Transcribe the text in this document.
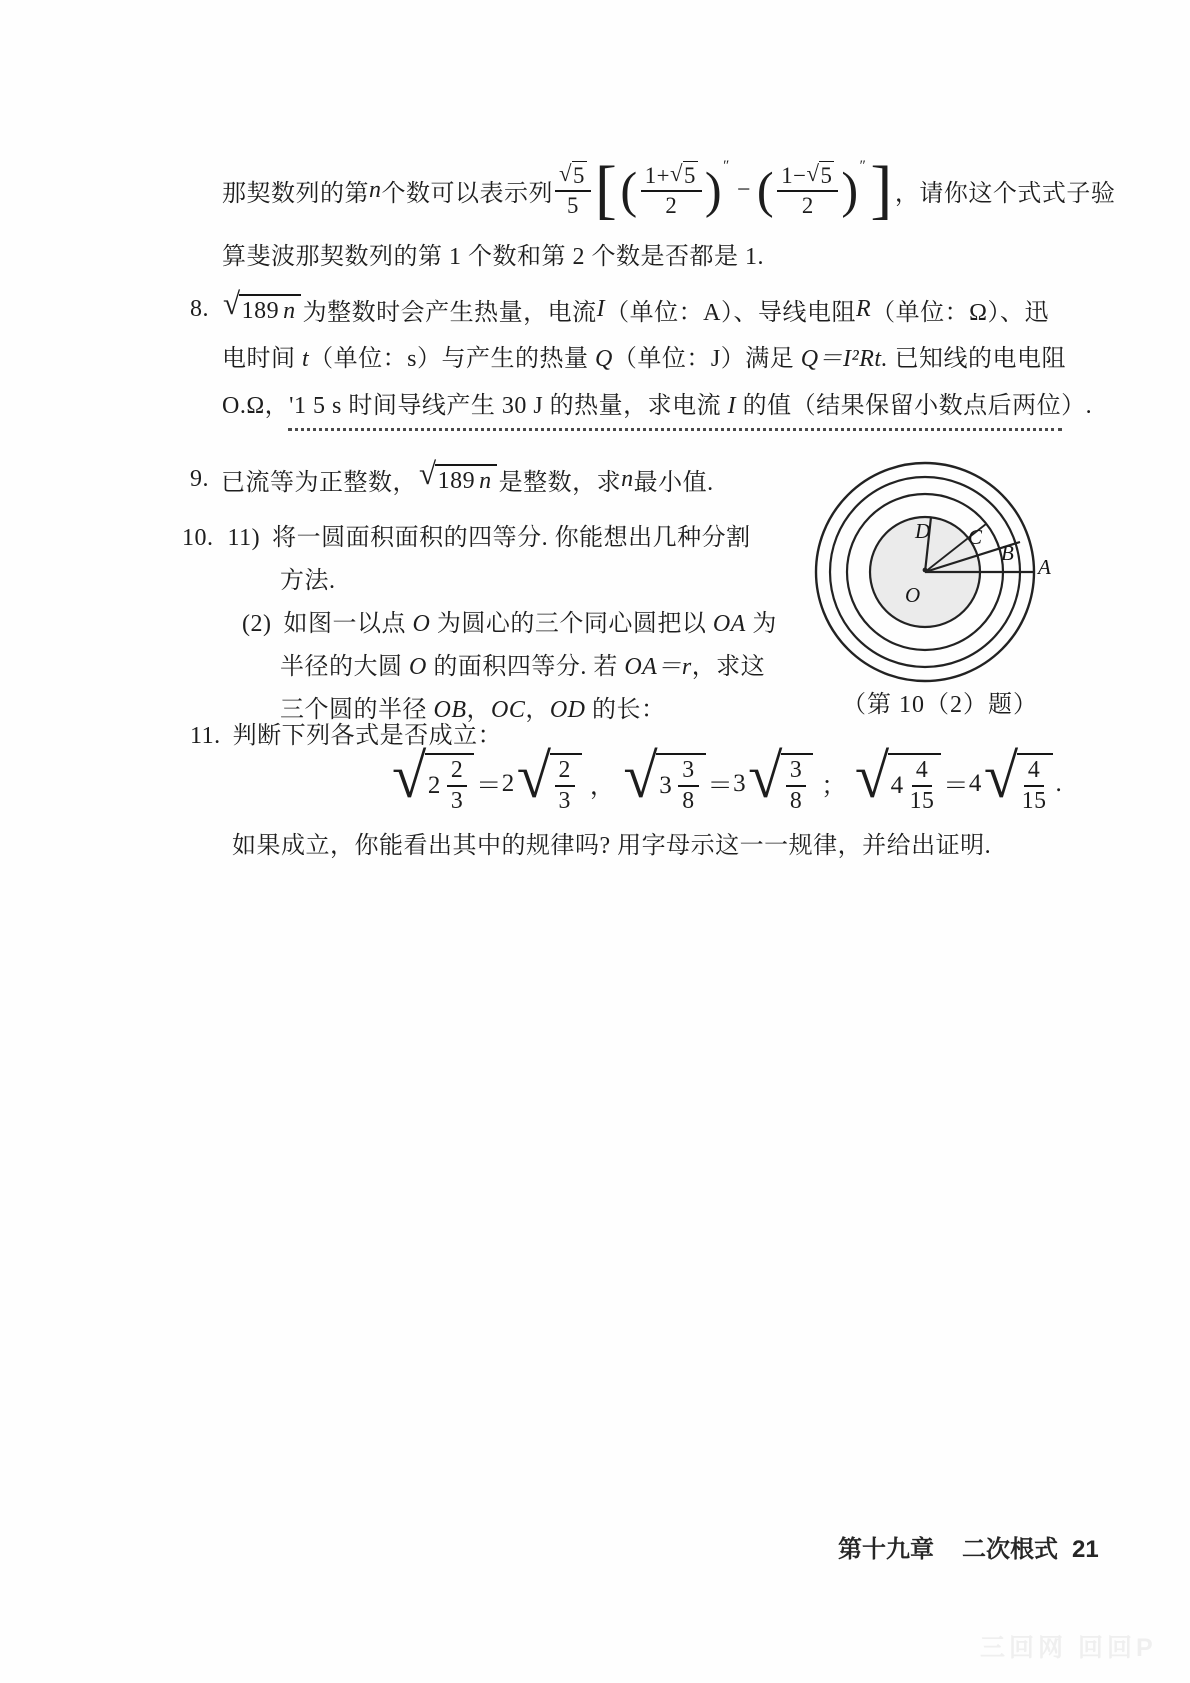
那契数列的第 n 个数可以表示列 $\frac{√ 5}{5}$ [ ( $\frac{1+ √ 5}{2}$ ) ″
− ( $\frac{1- √ 5}{2}$ ) ″ ] ，请你这个式式子验
算斐波那契数列的第 1 个数和第 2 个数是否都是 1.
8. √ 189 n 为整数时会产生热量，电流 I （单位：A）、导线电阻 R （单位：Ω）、迅
电时间 t（单位：s）与产生的热量 Q（单位：J）满足 Q＝I²Rt. 已知线的电电阻
O.Ω，'1 5 s 时间导线产生 30 J 的热量，求电流 I 的值（结果保留小数点后两位）.
9. 已流等为正整数， √ 189 n 是整数，求 n 最小值.
10. 11) 将一圆面积面积的四等分. 你能想出几种分割
方法.
(2) 如图一以点 O 为圆心的三个同心圆把以 OA 为
半径的大圆 O 的面积四等分. 若 OA＝r，求这
三个圆的半径 OB，OC，OD 的长：
O
A
B
C
D
（第 10（2）题）
11. 判断下列各式是否成立：
√ $2 \frac{2}{3} = 2$ √ $\frac{2}{3}$ ， √ $3 \frac{3}{8} = 3$ √ $\frac{3}{8}$ ； √ $4 \frac{4}{15} = 4$ √ $\frac{4}{15}$ .
如果成立，你能看出其中的规律吗? 用字母示这一一规律，并给出证明.
第十九章 二次根式 21
三回网 回回P
